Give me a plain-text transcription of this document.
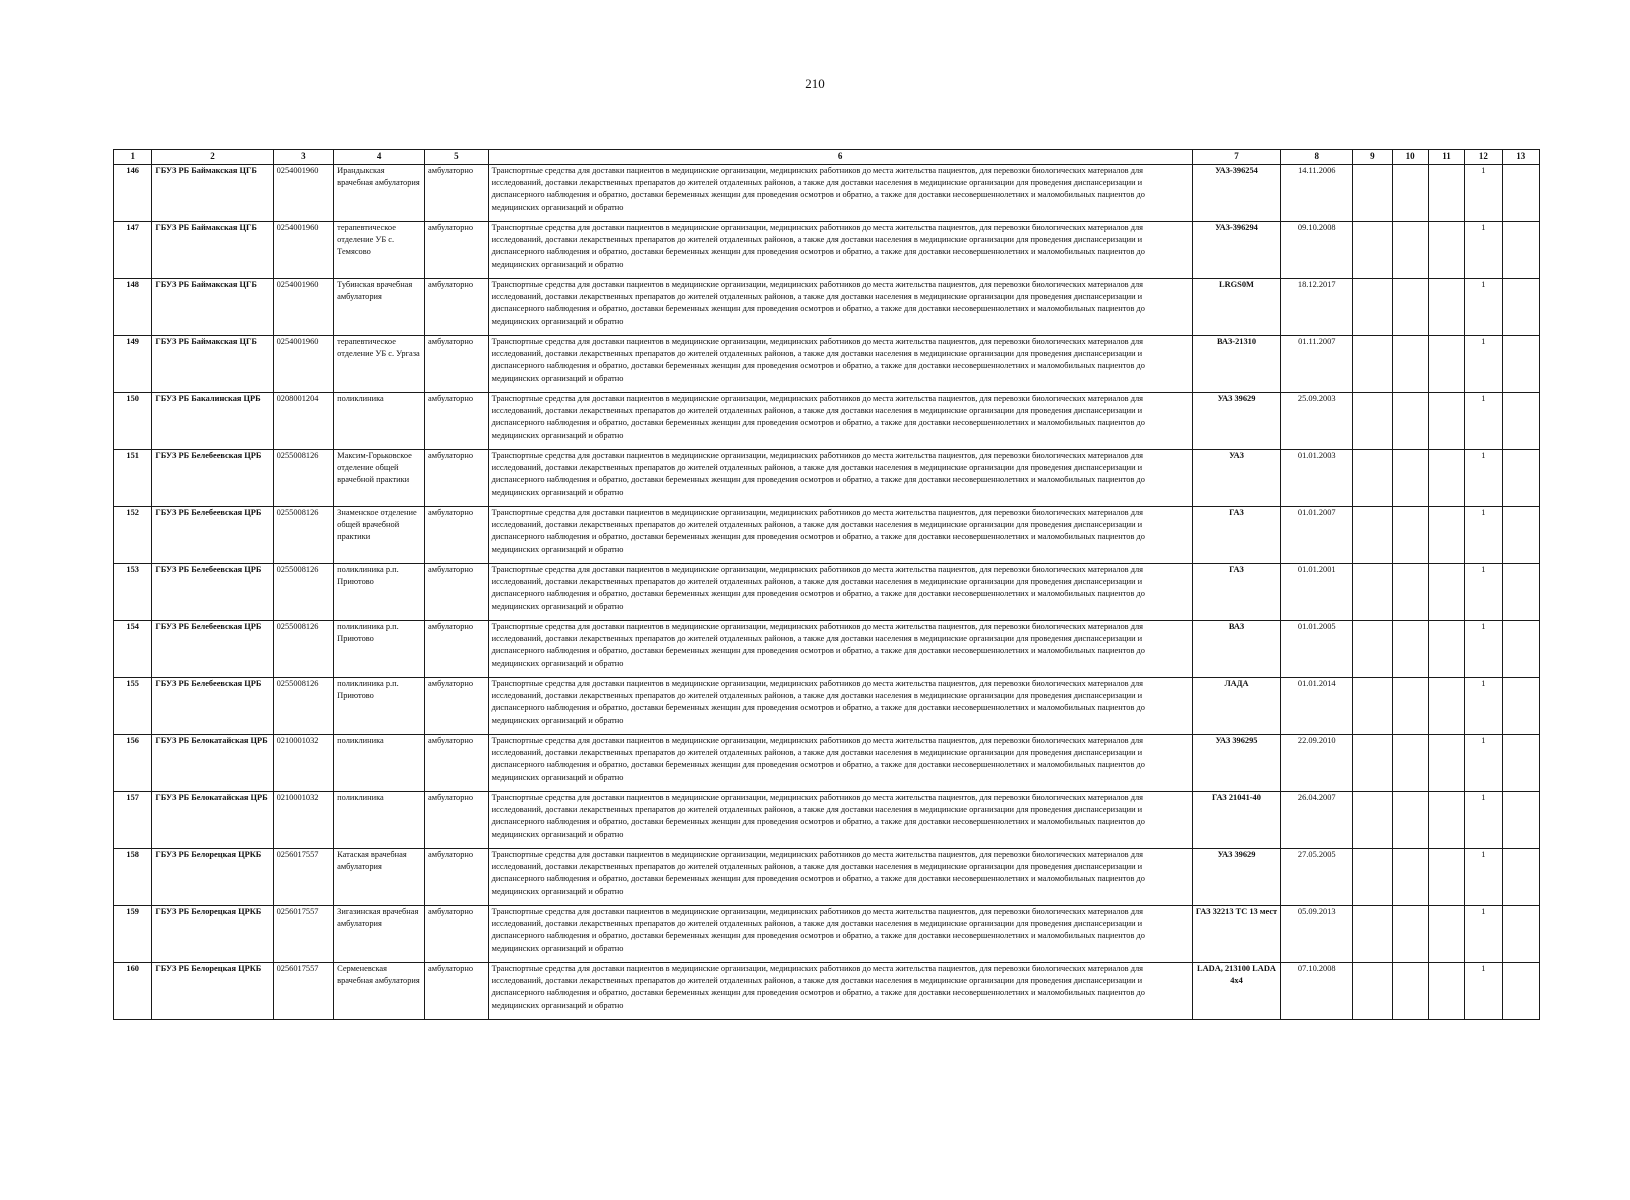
210
1	2	3	4	5	6	7	8	9	10	11	12	13
146	ГБУЗ РБ Баймакская ЦГБ	0254001960	Ирандыкская врачебная амбулатория	амбулаторно	Транспортные средства для доставки пациентов в медицинские организации, медицинских работников до места жительства пациентов, для перевозки биологических материалов для исследований, доставки лекарственных препаратов до жителей отдаленных районов, а также для доставки населения в медицинские организации для проведения диспансеризации и диспансерного наблюдения и обратно, доставки беременных женщин для проведения осмотров и обратно, а также для доставки несовершеннолетних и маломобильных пациентов до медицинских организаций и обратно	УАЗ-396254	14.11.2006				1	
147	ГБУЗ РБ Баймакская ЦГБ	0254001960	терапевтическое отделение УБ с. Темясово	амбулаторно	Транспортные средства для доставки пациентов в медицинские организации, медицинских работников до места жительства пациентов, для перевозки биологических материалов для исследований, доставки лекарственных препаратов до жителей отдаленных районов, а также для доставки населения в медицинские организации для проведения диспансеризации и диспансерного наблюдения и обратно, доставки беременных женщин для проведения осмотров и обратно, а также для доставки несовершеннолетних и маломобильных пациентов до медицинских организаций и обратно	УАЗ-396294	09.10.2008				1	
148	ГБУЗ РБ Баймакская ЦГБ	0254001960	Тубинская врачебная амбулатория	амбулаторно	Транспортные средства для доставки пациентов в медицинские организации, медицинских работников до места жительства пациентов, для перевозки биологических материалов для исследований, доставки лекарственных препаратов до жителей отдаленных районов, а также для доставки населения в медицинские организации для проведения диспансеризации и диспансерного наблюдения и обратно, доставки беременных женщин для проведения осмотров и обратно, а также для доставки несовершеннолетних и маломобильных пациентов до медицинских организаций и обратно	LRGS0M	18.12.2017				1	
149	ГБУЗ РБ Баймакская ЦГБ	0254001960	терапевтическое отделение УБ с. Ургаза	амбулаторно	Транспортные средства для доставки пациентов в медицинские организации, медицинских работников до места жительства пациентов, для перевозки биологических материалов для исследований, доставки лекарственных препаратов до жителей отдаленных районов, а также для доставки населения в медицинские организации для проведения диспансеризации и диспансерного наблюдения и обратно, доставки беременных женщин для проведения осмотров и обратно, а также для доставки несовершеннолетних и маломобильных пациентов до медицинских организаций и обратно	ВАЗ-21310	01.11.2007				1	
150	ГБУЗ РБ Бакалинская ЦРБ	0208001204	поликлиника	амбулаторно	Транспортные средства для доставки пациентов в медицинские организации, медицинских работников до места жительства пациентов, для перевозки биологических материалов для исследований, доставки лекарственных препаратов до жителей отдаленных районов, а также для доставки населения в медицинские организации для проведения диспансеризации и диспансерного наблюдения и обратно, доставки беременных женщин для проведения осмотров и обратно, а также для доставки несовершеннолетних и маломобильных пациентов до медицинских организаций и обратно	УАЗ 39629	25.09.2003				1	
151	ГБУЗ РБ Белебеевская ЦРБ	0255008126	Максим-Горьковское отделение общей врачебной практики	амбулаторно	Транспортные средства для доставки пациентов в медицинские организации, медицинских работников до места жительства пациентов, для перевозки биологических материалов для исследований, доставки лекарственных препаратов до жителей отдаленных районов, а также для доставки населения в медицинские организации для проведения диспансеризации и диспансерного наблюдения и обратно, доставки беременных женщин для проведения осмотров и обратно, а также для доставки несовершеннолетних и маломобильных пациентов до медицинских организаций и обратно	УАЗ	01.01.2003				1	
152	ГБУЗ РБ Белебеевская ЦРБ	0255008126	Знаменское отделение общей врачебной практики	амбулаторно	Транспортные средства для доставки пациентов в медицинские организации, медицинских работников до места жительства пациентов, для перевозки биологических материалов для исследований, доставки лекарственных препаратов до жителей отдаленных районов, а также для доставки населения в медицинские организации для проведения диспансеризации и диспансерного наблюдения и обратно, доставки беременных женщин для проведения осмотров и обратно, а также для доставки несовершеннолетних и маломобильных пациентов до медицинских организаций и обратно	ГАЗ	01.01.2007				1	
153	ГБУЗ РБ Белебеевская ЦРБ	0255008126	поликлиника р.п. Приютово	амбулаторно	Транспортные средства для доставки пациентов в медицинские организации, медицинских работников до места жительства пациентов, для перевозки биологических материалов для исследований, доставки лекарственных препаратов до жителей отдаленных районов, а также для доставки населения в медицинские организации для проведения диспансеризации и диспансерного наблюдения и обратно, доставки беременных женщин для проведения осмотров и обратно, а также для доставки несовершеннолетних и маломобильных пациентов до медицинских организаций и обратно	ГАЗ	01.01.2001				1	
154	ГБУЗ РБ Белебеевская ЦРБ	0255008126	поликлиника р.п. Приютово	амбулаторно	Транспортные средства для доставки пациентов в медицинские организации, медицинских работников до места жительства пациентов, для перевозки биологических материалов для исследований, доставки лекарственных препаратов до жителей отдаленных районов, а также для доставки населения в медицинские организации для проведения диспансеризации и диспансерного наблюдения и обратно, доставки беременных женщин для проведения осмотров и обратно, а также для доставки несовершеннолетних и маломобильных пациентов до медицинских организаций и обратно	ВАЗ	01.01.2005				1	
155	ГБУЗ РБ Белебеевская ЦРБ	0255008126	поликлиника р.п. Приютово	амбулаторно	Транспортные средства для доставки пациентов в медицинские организации, медицинских работников до места жительства пациентов, для перевозки биологических материалов для исследований, доставки лекарственных препаратов до жителей отдаленных районов, а также для доставки населения в медицинские организации для проведения диспансеризации и диспансерного наблюдения и обратно, доставки беременных женщин для проведения осмотров и обратно, а также для доставки несовершеннолетних и маломобильных пациентов до медицинских организаций и обратно	ЛАДА	01.01.2014				1	
156	ГБУЗ РБ Белокатайская ЦРБ	0210001032	поликлиника	амбулаторно	Транспортные средства для доставки пациентов в медицинские организации, медицинских работников до места жительства пациентов, для перевозки биологических материалов для исследований, доставки лекарственных препаратов до жителей отдаленных районов, а также для доставки населения в медицинские организации для проведения диспансеризации и диспансерного наблюдения и обратно, доставки беременных женщин для проведения осмотров и обратно, а также для доставки несовершеннолетних и маломобильных пациентов до медицинских организаций и обратно	УАЗ 396295	22.09.2010				1	
157	ГБУЗ РБ Белокатайская ЦРБ	0210001032	поликлиника	амбулаторно	Транспортные средства для доставки пациентов в медицинские организации, медицинских работников до места жительства пациентов, для перевозки биологических материалов для исследований, доставки лекарственных препаратов до жителей отдаленных районов, а также для доставки населения в медицинские организации для проведения диспансеризации и диспансерного наблюдения и обратно, доставки беременных женщин для проведения осмотров и обратно, а также для доставки несовершеннолетних и маломобильных пациентов до медицинских организаций и обратно	ГАЗ 21041-40	26.04.2007				1	
158	ГБУЗ РБ Белорецкая ЦРКБ	0256017557	Катаская врачебная амбулатория	амбулаторно	Транспортные средства для доставки пациентов в медицинские организации, медицинских работников до места жительства пациентов, для перевозки биологических материалов для исследований, доставки лекарственных препаратов до жителей отдаленных районов, а также для доставки населения в медицинские организации для проведения диспансеризации и диспансерного наблюдения и обратно, доставки беременных женщин для проведения осмотров и обратно, а также для доставки несовершеннолетних и маломобильных пациентов до медицинских организаций и обратно	УАЗ 39629	27.05.2005				1	
159	ГБУЗ РБ Белорецкая ЦРКБ	0256017557	Зигазинская врачебная амбулатория	амбулаторно	Транспортные средства для доставки пациентов в медицинские организации, медицинских работников до места жительства пациентов, для перевозки биологических материалов для исследований, доставки лекарственных препаратов до жителей отдаленных районов, а также для доставки населения в медицинские организации для проведения диспансеризации и диспансерного наблюдения и обратно, доставки беременных женщин для проведения осмотров и обратно, а также для доставки несовершеннолетних и маломобильных пациентов до медицинских организаций и обратно	ГАЗ 32213 ТС 13 мест	05.09.2013				1	
160	ГБУЗ РБ Белорецкая ЦРКБ	0256017557	Серменевская врачебная амбулатория	амбулаторно	Транспортные средства для доставки пациентов в медицинские организации, медицинских работников до места жительства пациентов, для перевозки биологических материалов для исследований, доставки лекарственных препаратов до жителей отдаленных районов, а также для доставки населения в медицинские организации для проведения диспансеризации и диспансерного наблюдения и обратно, доставки беременных женщин для проведения осмотров и обратно, а также для доставки несовершеннолетних и маломобильных пациентов до медицинских организаций и обратно	LADA, 213100 LADA 4x4	07.10.2008				1	
